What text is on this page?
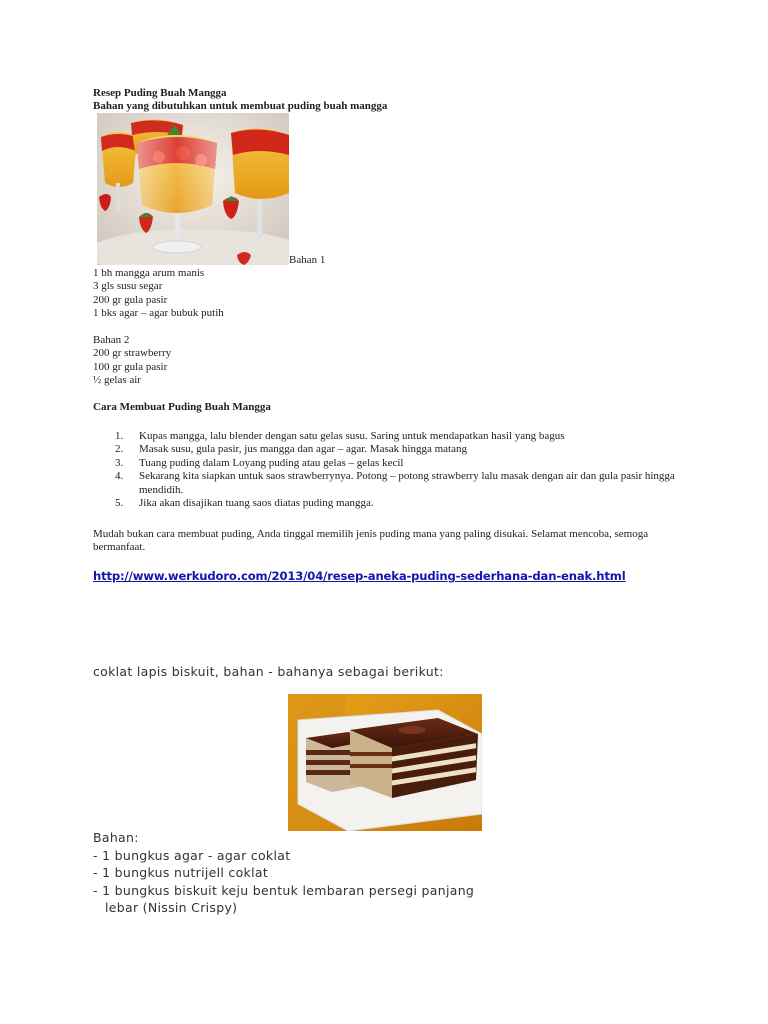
Resep Puding Buah Mangga
Bahan yang dibutuhkan untuk membuat puding buah mangga
Bahan 1
1 bh mangga arum manis
3 gls susu segar
200 gr gula pasir
1 bks agar – agar bubuk putih
Bahan 2
200 gr strawberry
100 gr gula pasir
½ gelas air
Cara Membuat Puding Buah Mangga
1. Kupas mangga, lalu blender dengan satu gelas susu. Saring untuk mendapatkan hasil yang bagus
2. Masak susu, gula pasir, jus mangga dan agar – agar. Masak hingga matang
3. Tuang puding dalam Loyang puding atau gelas – gelas kecil
4. Sekarang kita siapkan untuk saos strawberrynya. Potong – potong strawberry lalu masak dengan air dan gula pasir hingga mendidih.
5. Jika akan disajikan tuang saos diatas puding mangga.
Mudah bukan cara membuat puding, Anda tinggal memilih jenis puding mana yang paling disukai. Selamat mencoba, semoga bermanfaat.
http://www.werkudoro.com/2013/04/resep-aneka-puding-sederhana-dan-enak.html
coklat lapis biskuit, bahan - bahanya sebagai berikut:
Bahan:
- 1 bungkus agar - agar coklat
- 1 bungkus nutrijell coklat
- 1 bungkus biskuit keju bentuk lembaran persegi panjang lebar (Nissin Crispy)
